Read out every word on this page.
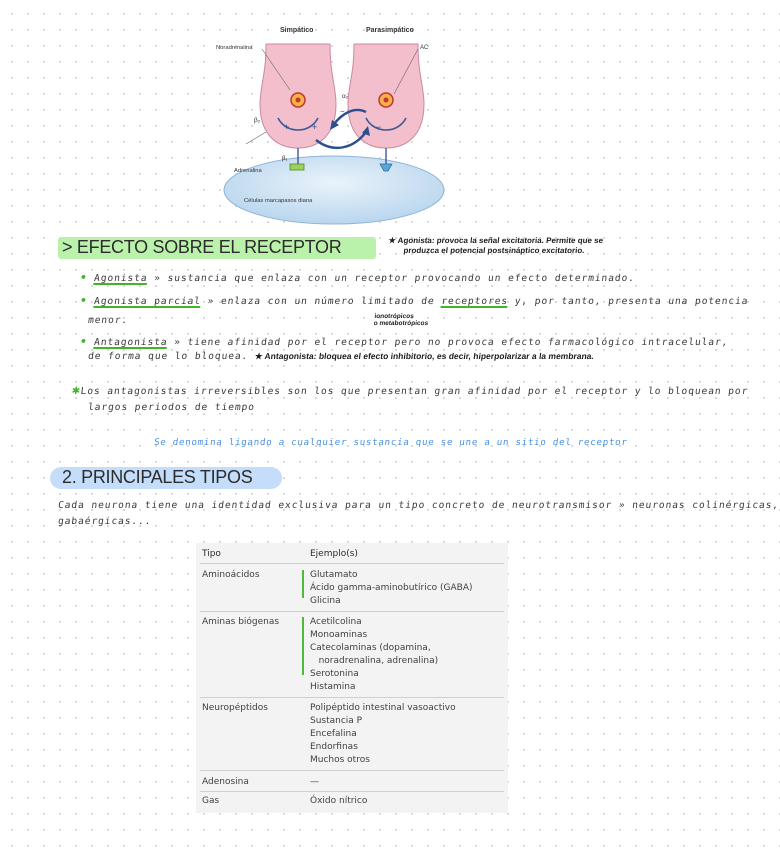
+
+	−
−
Simpático	Parasimpático
Noradrenalina	AC
α₂
β₂
β₁
Adrenalina
Células marcapasos diana
> EFECTO SOBRE EL RECEPTOR	★ Agonista: provoca la señal excitatoria. Permite que se
produzca el potencial postsináptico excitatorio.
• Agonista » sustancia que enlaza con un receptor provocando un efecto determinado.
• Agonista parcial » enlaza con un número limitado de receptores y, por tanto, presenta una potencia
menor.	ionotrópicos
o metabotrópicos
• Antagonista » tiene afinidad por el receptor pero no provoca efecto farmacológico intracelular,
de forma que lo bloquea. ★ Antagonista: bloquea el efecto inhibitorio, es decir, hiperpolarizar a la membrana.
✱Los antagonistas irreversibles son los que presentan gran afinidad por el receptor y lo bloquean por
largos periodos de tiempo
Se denomina ligando a cualquier sustancia que se une a un sitio del receptor
2. PRINCIPALES TIPOS
Cada neurona tiene una identidad exclusiva para un tipo concreto de neurotransmisor » neuronas colinérgicas,
gabaérgicas...
Tipo	Ejemplo(s)
Aminoácidos	Glutamato
Ácido gamma-aminobutírico (GABA)
Glicina
Aminas biógenas	Acetilcolina
Monoaminas
Catecolaminas (dopamina,
noradrenalina, adrenalina)
Serotonina
Histamina
Neuropéptidos	Polipéptido intestinal vasoactivo
Sustancia P
Encefalina
Endorfinas
Muchos otros
Adenosina	—
Gas	Óxido nítrico
